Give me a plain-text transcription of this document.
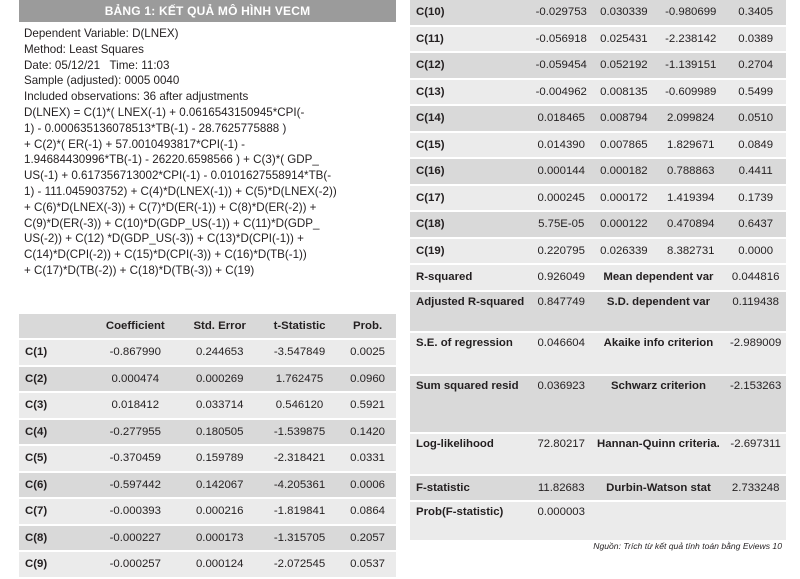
BẢNG 1: KẾT QUẢ MÔ HÌNH VECM
Dependent Variable: D(LNEX)
Method: Least Squares
Date: 05/12/21   Time: 11:03
Sample (adjusted): 0005 0040
Included observations: 36 after adjustments
D(LNEX) = C(1)*( LNEX(-1) + 0.0616543150945*CPI(-
1) - 0.000635136078513*TB(-1) - 28.7625775888 )
+ C(2)*( ER(-1) + 57.0010493817*CPI(-1) -
1.94684430996*TB(-1) - 26220.6598566 ) + C(3)*( GDP_
US(-1) + 0.617356713002*CPI(-1) - 0.0101627558914*TB(-
1) - 111.045903752) + C(4)*D(LNEX(-1)) + C(5)*D(LNEX(-2))
+ C(6)*D(LNEX(-3)) + C(7)*D(ER(-1)) + C(8)*D(ER(-2)) +
C(9)*D(ER(-3)) + C(10)*D(GDP_US(-1)) + C(11)*D(GDP_
US(-2)) + C(12) *D(GDP_US(-3)) + C(13)*D(CPI(-1)) +
C(14)*D(CPI(-2)) + C(15)*D(CPI(-3)) + C(16)*D(TB(-1))
+ C(17)*D(TB(-2)) + C(18)*D(TB(-3)) + C(19)
	Coefficient	Std. Error	t-Statistic	Prob.
C(1)	-0.867990	0.244653	-3.547849	0.0025
C(2)	0.000474	0.000269	1.762475	0.0960
C(3)	0.018412	0.033714	0.546120	0.5921
C(4)	-0.277955	0.180505	-1.539875	0.1420
C(5)	-0.370459	0.159789	-2.318421	0.0331
C(6)	-0.597442	0.142067	-4.205361	0.0006
C(7)	-0.000393	0.000216	-1.819841	0.0864
C(8)	-0.000227	0.000173	-1.315705	0.2057
C(9)	-0.000257	0.000124	-2.072545	0.0537
C(10)	-0.029753	0.030339	-0.980699	0.3405
C(11)	-0.056918	0.025431	-2.238142	0.0389
C(12)	-0.059454	0.052192	-1.139151	0.2704
C(13)	-0.004962	0.008135	-0.609989	0.5499
C(14)	0.018465	0.008794	2.099824	0.0510
C(15)	0.014390	0.007865	1.829671	0.0849
C(16)	0.000144	0.000182	0.788863	0.4411
C(17)	0.000245	0.000172	1.419394	0.1739
C(18)	5.75E-05	0.000122	0.470894	0.6437
C(19)	0.220795	0.026339	8.382731	0.0000
R-squared	0.926049	Mean dependent var		0.044816
Adjusted R-squared	0.847749	S.D. dependent var		0.119438
S.E. of regression	0.046604	Akaike info criterion		-2.989009
Sum squared resid	0.036923	Schwarz criterion		-2.153263
Log-likelihood	72.80217	Hannan-Quinn criteria.		-2.697311
F-statistic	11.82683	Durbin-Watson stat		2.733248
Prob(F-statistic)	0.000003			
Nguồn: Trích từ kết quả tính toán bằng Eviews 10
